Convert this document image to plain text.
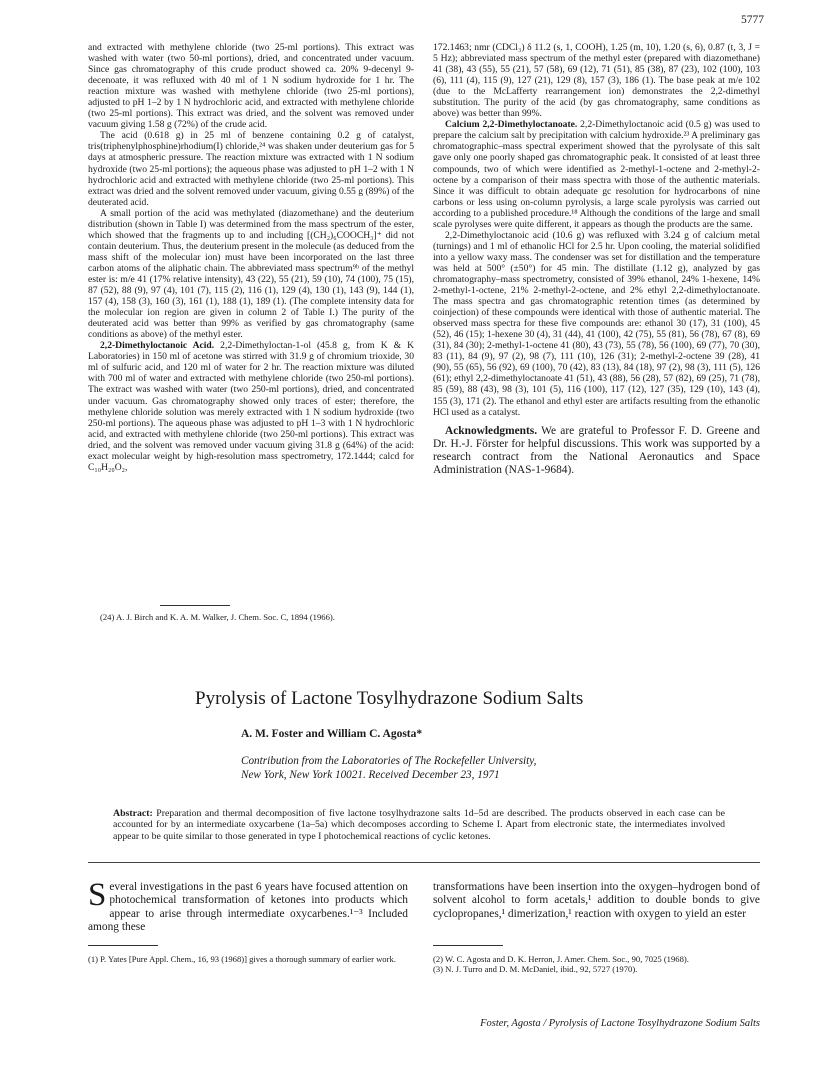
5777

and extracted with methylene chloride (two 25-ml portions). This extract was washed with water (two 50-ml portions), dried, and concentrated under vacuum. Since gas chromatography of this crude product showed ca. 20% 9-decenyl 9-decenoate, it was refluxed with 40 ml of 1 N sodium hydroxide for 1 hr. The reaction mixture was washed with methylene chloride (two 25-ml portions), adjusted to pH 1–2 by 1 N hydrochloric acid, and extracted with methylene chloride (two 25-ml portions). This extract was dried, and the solvent was removed under vacuum giving 1.58 g (72%) of the crude acid.

The acid (0.618 g) in 25 ml of benzene containing 0.2 g of catalyst, tris(triphenylphosphine)rhodium(I) chloride,²⁴ was shaken under deuterium gas for 5 days at atmospheric pressure. The reaction mixture was extracted with 1 N sodium hydroxide (two 25-ml portions); the aqueous phase was adjusted to pH 1–2 with 1 N hydrochloric acid and extracted with methylene chloride (two 25-ml portions). This extract was dried and the solvent removed under vacuum, giving 0.55 g (89%) of the deuterated acid.

A small portion of the acid was methylated (diazomethane) and the deuterium distribution (shown in Table I) was determined from the mass spectrum of the ester, which showed that the fragments up to and including [(CH₂)₆COOCH₃]⁺ did not contain deuterium. Thus, the deuterium present in the molecule (as deduced from the mass shift of the molecular ion) must have been incorporated on the last three carbon atoms of the aliphatic chain. The abbreviated mass spectrum⁹ᵇ of the methyl ester is: m/e 41 (17% relative intensity), 43 (22), 55 (21), 59 (10), 74 (100), 75 (15), 87 (52), 88 (9), 97 (4), 101 (7), 115 (2), 116 (1), 129 (4), 130 (1), 143 (9), 144 (1), 157 (4), 158 (3), 160 (3), 161 (1), 188 (1), 189 (1). (The complete intensity data for the molecular ion region are given in column 2 of Table I.) The purity of the deuterated acid was better than 99% as verified by gas chromatography (same conditions as above) of the methyl ester.

2,2-Dimethyloctanoic Acid. 2,2-Dimethyloctan-1-ol (45.8 g, from K & K Laboratories) in 150 ml of acetone was stirred with 31.9 g of chromium trioxide, 30 ml of sulfuric acid, and 120 ml of water for 2 hr. The reaction mixture was diluted with 700 ml of water and extracted with methylene chloride (two 250-ml portions). The extract was washed with water (two 250-ml portions), dried, and concentrated under vacuum. Gas chromatography showed only traces of ester; therefore, the methylene chloride solution was merely extracted with 1 N sodium hydroxide (two 250-ml portions). The aqueous phase was adjusted to pH 1–3 with 1 N hydrochloric acid, and extracted with methylene chloride (two 250-ml portions). This extract was dried, and the solvent was removed under vacuum giving 31.8 g (64%) of the acid: exact molecular weight by high-resolution mass spectrometry, 172.1444; calcd for C₁₀H₂₀O₂,

172.1463; nmr (CDCl₃) δ 11.2 (s, 1, COOH), 1.25 (m, 10), 1.20 (s, 6), 0.87 (t, 3, J = 5 Hz); abbreviated mass spectrum of the methyl ester (prepared with diazomethane) 41 (38), 43 (55), 55 (21), 57 (58), 69 (12), 71 (51), 85 (38), 87 (23), 102 (100), 103 (6), 111 (4), 115 (9), 127 (21), 129 (8), 157 (3), 186 (1). The base peak at m/e 102 (due to the McLafferty rearrangement ion) demonstrates the 2,2-dimethyl substitution. The purity of the acid (by gas chromatography, same conditions as above) was better than 99%.

Calcium 2,2-Dimethyloctanoate. 2,2-Dimethyloctanoic acid (0.5 g) was used to prepare the calcium salt by precipitation with calcium hydroxide.²³ A preliminary gas chromatographic–mass spectral experiment showed that the pyrolysate of this salt gave only one poorly shaped gas chromatographic peak. It consisted of at least three compounds, two of which were identified as 2-methyl-1-octene and 2-methyl-2-octene by a comparison of their mass spectra with those of the authentic materials. Since it was difficult to obtain adequate gc resolution for hydrocarbons of nine carbons or less using on-column pyrolysis, a large scale pyrolysis was carried out according to a published procedure.¹⁸ Although the conditions of the large and small scale pyrolyses were quite different, it appears as though the products are the same.

2,2-Dimethyloctanoic acid (10.6 g) was refluxed with 3.24 g of calcium metal (turnings) and 1 ml of ethanolic HCl for 2.5 hr. Upon cooling, the material solidified into a yellow waxy mass. The condenser was set for distillation and the temperature was held at 500° (±50°) for 45 min. The distillate (1.12 g), analyzed by gas chromatography–mass spectrometry, consisted of 39% ethanol, 24% 1-hexene, 14% 2-methyl-1-octene, 21% 2-methyl-2-octene, and 2% ethyl 2,2-dimethyloctanoate. The mass spectra and gas chromatographic retention times (as determined by coinjection) of these compounds were identical with those of authentic material. The observed mass spectra for these five compounds are: ethanol 30 (17), 31 (100), 45 (52), 46 (15); 1-hexene 30 (4), 31 (44), 41 (100), 42 (75), 55 (81), 56 (78), 67 (8), 69 (31), 84 (30); 2-methyl-1-octene 41 (80), 43 (73), 55 (78), 56 (100), 69 (77), 70 (30), 83 (11), 84 (9), 97 (2), 98 (7), 111 (10), 126 (31); 2-methyl-2-octene 39 (28), 41 (90), 55 (65), 56 (92), 69 (100), 70 (42), 83 (13), 84 (18), 97 (2), 98 (3), 111 (5), 126 (61); ethyl 2,2-dimethyloctanoate 41 (51), 43 (88), 56 (28), 57 (82), 69 (25), 71 (78), 85 (59), 88 (43), 98 (3), 101 (5), 116 (100), 117 (12), 127 (35), 129 (10), 143 (4), 155 (3), 171 (2). The ethanol and ethyl ester are artifacts resulting from the ethanolic HCl used as a catalyst.

Acknowledgments. We are grateful to Professor F. D. Greene and Dr. H.-J. Förster for helpful discussions. This work was supported by a research contract from the National Aeronautics and Space Administration (NAS-1-9684).

(24) A. J. Birch and K. A. M. Walker, J. Chem. Soc. C, 1894 (1966).
Pyrolysis of Lactone Tosylhydrazone Sodium Salts
A. M. Foster and William C. Agosta*
Contribution from the Laboratories of The Rockefeller University,
New York, New York 10021. Received December 23, 1971
Abstract: Preparation and thermal decomposition of five lactone tosylhydrazone salts 1d–5d are described. The products observed in each case can be accounted for by an intermediate oxycarbene (1a–5a) which decomposes according to Scheme I. Apart from electronic state, the intermediates involved appear to be quite similar to those generated in type I photochemical reactions of cyclic ketones.
Several investigations in the past 6 years have focused attention on photochemical transformation of ketones into products which appear to arise through intermediate oxycarbenes.¹⁻³ Included among these
transformations have been insertion into the oxygen–hydrogen bond of solvent alcohol to form acetals,¹ addition to double bonds to give cyclopropanes,¹ dimerization,¹ reaction with oxygen to yield an ester
(1) P. Yates [Pure Appl. Chem., 16, 93 (1968)] gives a thorough summary of earlier work.	(2) W. C. Agosta and D. K. Herron, J. Amer. Chem. Soc., 90, 7025 (1968).
(3) N. J. Turro and D. M. McDaniel, ibid., 92, 5727 (1970).
Foster, Agosta / Pyrolysis of Lactone Tosylhydrazone Sodium Salts
